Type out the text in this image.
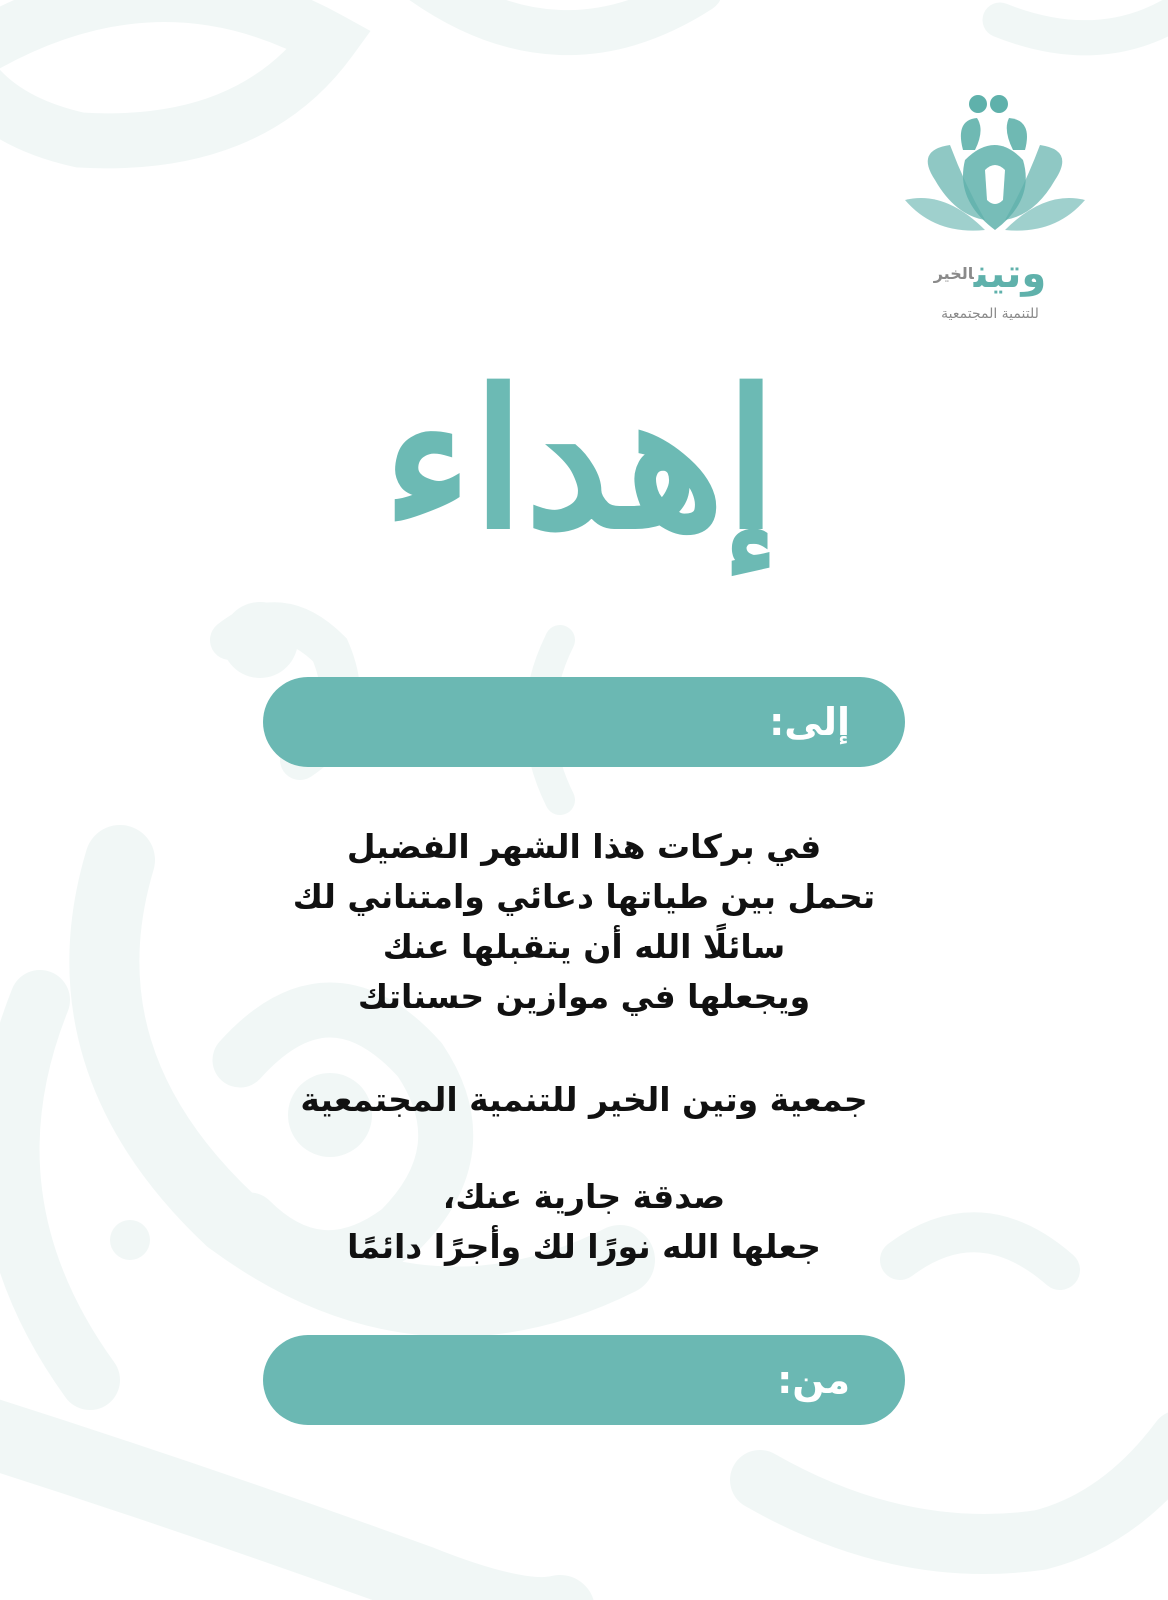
وتين$^{الخير}$
للتنمية المجتمعية
إهداء
إلى:
في بركات هذا الشهر الفضيل
تحمل بين طياتها دعائي وامتناني لك
سائلًا الله أن يتقبلها عنك
ويجعلها في موازين حسناتك
جمعية وتين الخير للتنمية المجتمعية
صدقة جارية عنك،
جعلها الله نورًا لك وأجرًا دائمًا
من:
